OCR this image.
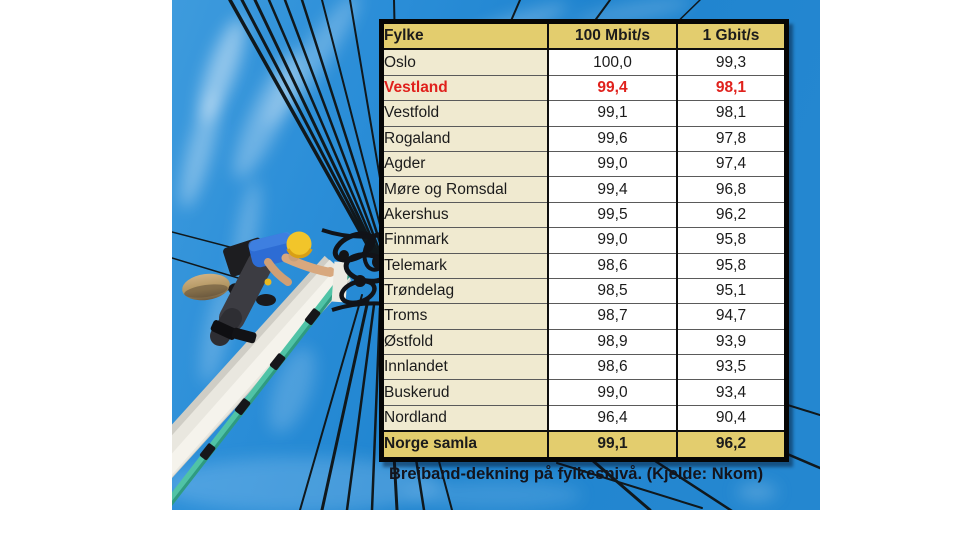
Fylke	100 Mbit/s	1 Gbit/s
Oslo	100,0	99,3
Vestland	99,4	98,1
Vestfold	99,1	98,1
Rogaland	99,6	97,8
Agder	99,0	97,4
Møre og Romsdal	99,4	96,8
Akershus	99,5	96,2
Finnmark	99,0	95,8
Telemark	98,6	95,8
Trøndelag	98,5	95,1
Troms	98,7	94,7
Østfold	98,9	93,9
Innlandet	98,6	93,5
Buskerud	99,0	93,4
Nordland	96,4	90,4
Norge samla	99,1	96,2
Breiband-dekning på fylkesnivå. (Kjelde: Nkom)
